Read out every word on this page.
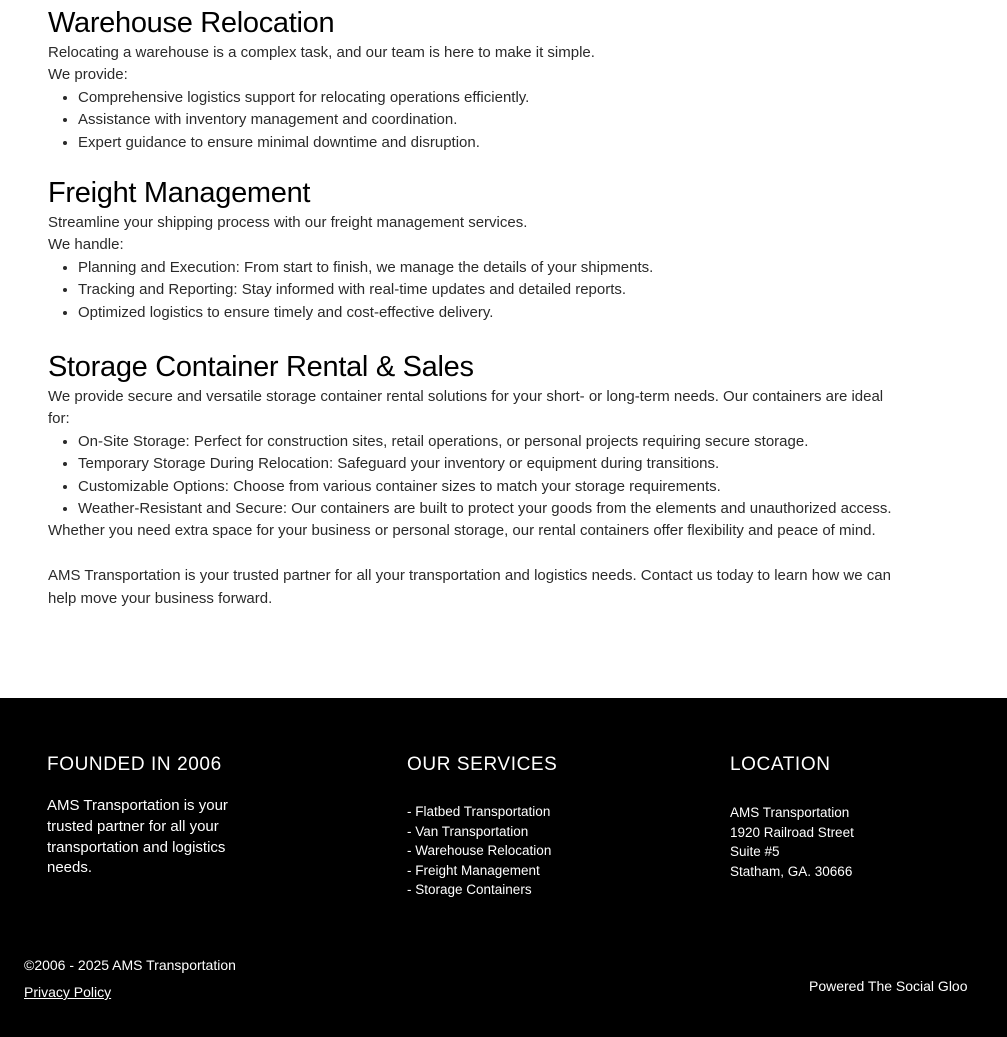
Warehouse Relocation

Relocating a warehouse is a complex task, and our team is here to make it simple.

We provide:

• Comprehensive logistics support for relocating operations efficiently.
• Assistance with inventory management and coordination.
• Expert guidance to ensure minimal downtime and disruption.
Freight Management

Streamline your shipping process with our freight management services.

We handle:

• Planning and Execution: From start to finish, we manage the details of your shipments.
• Tracking and Reporting: Stay informed with real-time updates and detailed reports.
• Optimized logistics to ensure timely and cost-effective delivery.
Storage Container Rental & Sales

We provide secure and versatile storage container rental solutions for your short- or long-term needs. Our containers are ideal for:

• On-Site Storage: Perfect for construction sites, retail operations, or personal projects requiring secure storage.
• Temporary Storage During Relocation: Safeguard your inventory or equipment during transitions.
• Customizable Options: Choose from various container sizes to match your storage requirements.
• Weather-Resistant and Secure: Our containers are built to protect your goods from the elements and unauthorized access.

Whether you need extra space for your business or personal storage, our rental containers offer flexibility and peace of mind.

AMS Transportation is your trusted partner for all your transportation and logistics needs. Contact us today to learn how we can help move your business forward.

FOUNDED IN 2006

AMS Transportation is your trusted partner for all your transportation and logistics needs.

OUR SERVICES
- Flatbed Transportation
- Van Transportation
- Warehouse Relocation
- Freight Management
- Storage Containers
LOCATION
AMS Transportation
1920 Railroad Street
Suite #5
Statham, GA. 30666
©2006 - 2025 AMS Transportation
Privacy Policy	Powered The Social Gloo
